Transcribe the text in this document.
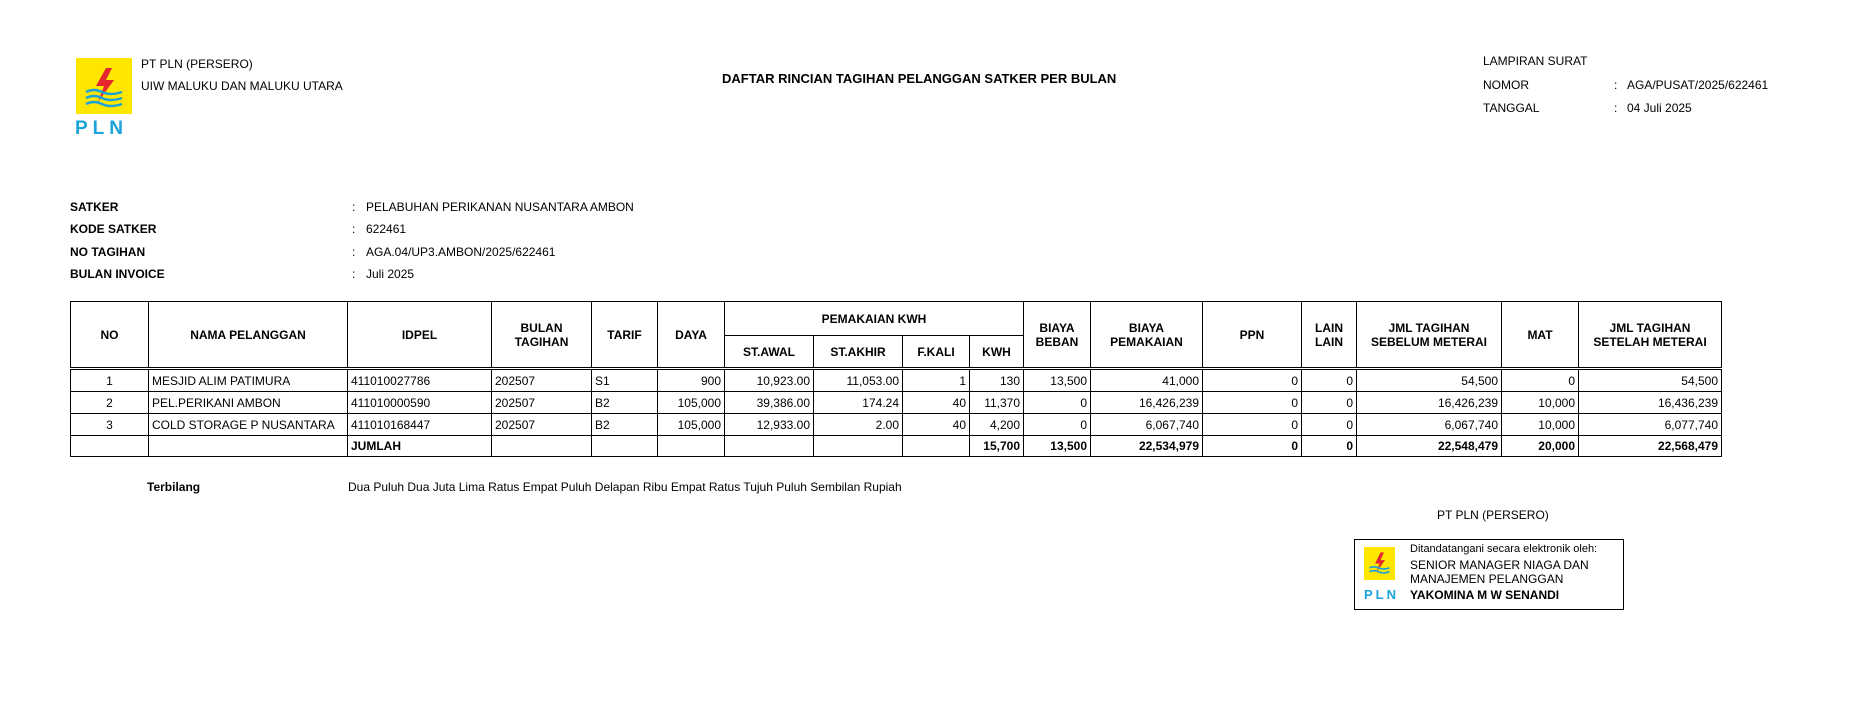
PLN
PT PLN (PERSERO)
UIW MALUKU DAN MALUKU UTARA	DAFTAR RINCIAN TAGIHAN PELANGGAN SATKER PER BULAN
LAMPIRAN SURAT
NOMOR	: AGA/PUSAT/2025/622461
TANGGAL	: 04 Juli 2025
SATKER	: PELABUHAN PERIKANAN NUSANTARA AMBON
KODE SATKER	: 622461
NO TAGIHAN	: AGA.04/UP3.AMBON/2025/622461
BULAN INVOICE	: Juli 2025
NO	NAMA PELANGGAN	IDPEL	BULAN TAGIHAN	TARIF	DAYA	PEMAKAIAN KWH				BIAYA BEBAN	BIAYA PEMAKAIAN	PPN	LAIN LAIN	JML TAGIHAN SEBELUM METERAI	MAT	JML TAGIHAN SETELAH METERAI
						ST.AWAL	ST.AKHIR	F.KALI	KWH							
1	MESJID ALIM PATIMURA	411010027786	202507	S1	900	10,923.00	11,053.00	1	130	13,500	41,000	0	0	54,500	0	54,500
2	PEL.PERIKANI AMBON	411010000590	202507	B2	105,000	39,386.00	174.24	40	11,370	0	16,426,239	0	0	16,426,239	10,000	16,436,239
3	COLD STORAGE P NUSANTARA	411010168447	202507	B2	105,000	12,933.00	2.00	40	4,200	0	6,067,740	0	0	6,067,740	10,000	6,077,740
		JUMLAH							15,700	13,500	22,534,979	0	0	22,548,479	20,000	22,568,479
Terbilang	Dua Puluh Dua Juta Lima Ratus Empat Puluh Delapan Ribu Empat Ratus Tujuh Puluh Sembilan Rupiah
PT PLN (PERSERO)
PLN
Ditandatangani secara elektronik oleh:
SENIOR MANAGER NIAGA DAN
MANAJEMEN PELANGGAN
YAKOMINA M W SENANDI
